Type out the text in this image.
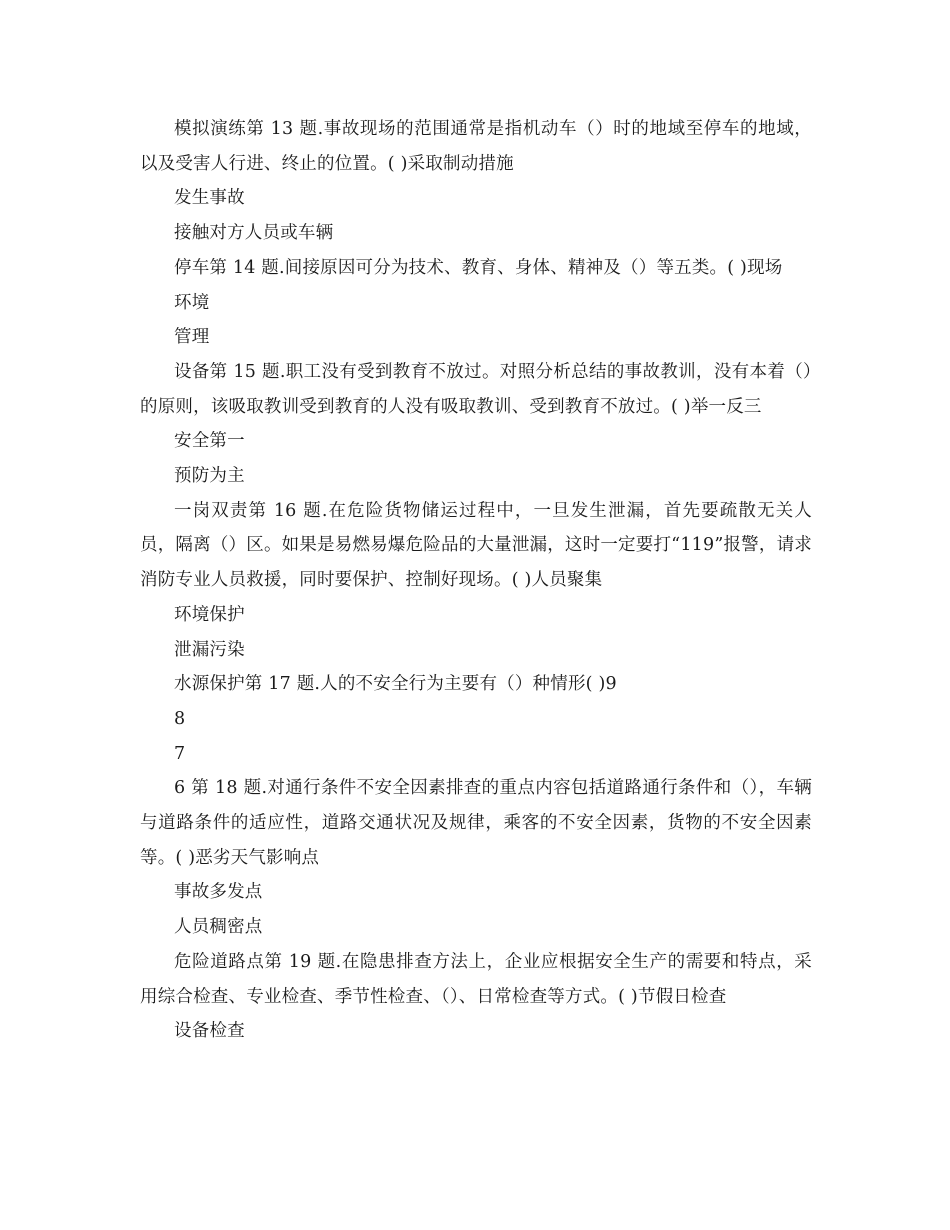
模拟演练第 13 题.事故现场的范围通常是指机动车（）时的地域至停车的地域，以及受害人行进、终止的位置。( )采取制动措施

发生事故

接触对方人员或车辆

停车第 14 题.间接原因可分为技术、教育、身体、精神及（）等五类。( )现场

环境

管理

设备第 15 题.职工没有受到教育不放过。对照分析总结的事故教训，没有本着（）的原则，该吸取教训受到教育的人没有吸取教训、受到教育不放过。( )举一反三

安全第一

预防为主

一岗双责第 16 题.在危险货物储运过程中，一旦发生泄漏，首先要疏散无关人员，隔离（）区。如果是易燃易爆危险品的大量泄漏，这时一定要打“119”报警，请求消防专业人员救援，同时要保护、控制好现场。( )人员聚集

环境保护

泄漏污染

水源保护第 17 题.人的不安全行为主要有（）种情形( )9

8

7

6 第 18 题.对通行条件不安全因素排查的重点内容包括道路通行条件和（），车辆与道路条件的适应性，道路交通状况及规律，乘客的不安全因素，货物的不安全因素等。( )恶劣天气影响点

事故多发点

人员稠密点

危险道路点第 19 题.在隐患排查方法上，企业应根据安全生产的需要和特点，采用综合检查、专业检查、季节性检查、（）、日常检查等方式。( )节假日检查

设备检查
